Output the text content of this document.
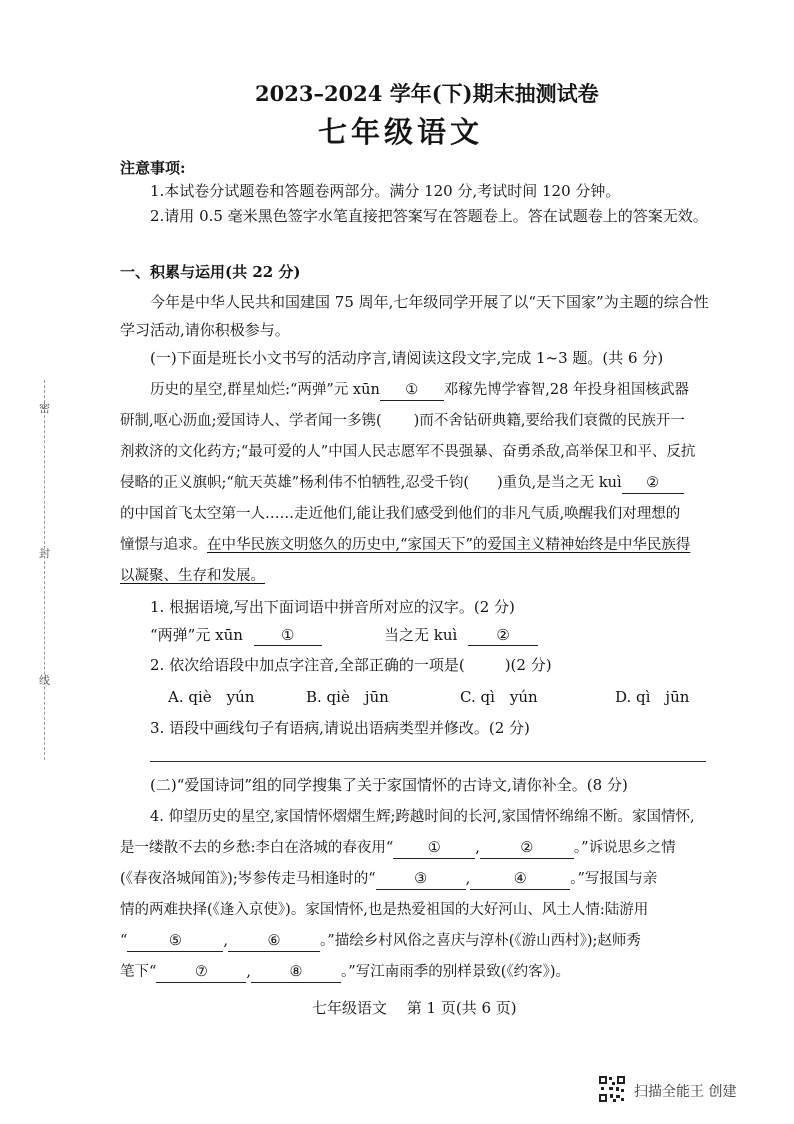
密
封
线
2023–2024 学年(下)期末抽测试卷
七年级语文
注意事项:
1.本试卷分试题卷和答题卷两部分。满分 120 分,考试时间 120 分钟。
2.请用 0.5 毫米黑色签字水笔直接把答案写在答题卷上。答在试题卷上的答案无效。
一、积累与运用(共 22 分)
今年是中华人民共和国建国 75 周年,七年级同学开展了以“天下国家”为主题的综合性
学习活动,请你积极参与。
(一)下面是班长小文书写的活动序言,请阅读这段文字,完成 1~3 题。(共 6 分)
历史的星空,群星灿烂:“两弹”元 xūn ① 邓稼先博学睿智,28 年投身祖国核武器
研制,呕心沥血;爱国诗人、学者闻一多镌( )而不舍钻研典籍,要给我们衰微的民族开一
剂救济的文化药方;“最可爱的人”中国人民志愿军不畏强暴、奋勇杀敌,高举保卫和平、反抗
侵略的正义旗帜;“航天英雄”杨利伟不怕牺牲,忍受千钧( )重负,是当之无 kuì ②
的中国首飞太空第一人……走近他们,能让我们感受到他们的非凡气质,唤醒我们对理想的
憧憬与追求。在中华民族文明悠久的历史中,“家国天下”的爱国主义精神始终是中华民族得
以凝聚、生存和发展。
1. 根据语境,写出下面词语中拼音所对应的汉字。(2 分)
“两弹”元 xūn	①	当之无 kuì	②
2. 依次给语段中加点字注音,全部正确的一项是(	)(2 分)
A. qiè　yún	B. qiè　jūn	C. qì　yún	D. qì　jūn
3. 语段中画线句子有语病,请说出语病类型并修改。(2 分)
(二)“爱国诗词”组的同学搜集了关于家国情怀的古诗文,请你补全。(8 分)
4. 仰望历史的星空,家国情怀熠熠生辉;跨越时间的长河,家国情怀绵绵不断。家国情怀,
是一缕散不去的乡愁:李白在洛城的春夜用“ ① ,	②	。”诉说思乡之情
(《春夜洛城闻笛》);岑参传走马相逢时的“	③	,	④	。”写报国与亲
情的两难抉择(《逢入京使》)。家国情怀,也是热爱祖国的大好河山、风土人情:陆游用
“	⑤	,	⑥	。”描绘乡村风俗之喜庆与淳朴(《游山西村》);赵师秀
笔下“	⑦	,	⑧	。”写江南雨季的别样景致(《约客》)。
七年级语文　 第 1 页(共 6 页)
扫描全能王 创建
